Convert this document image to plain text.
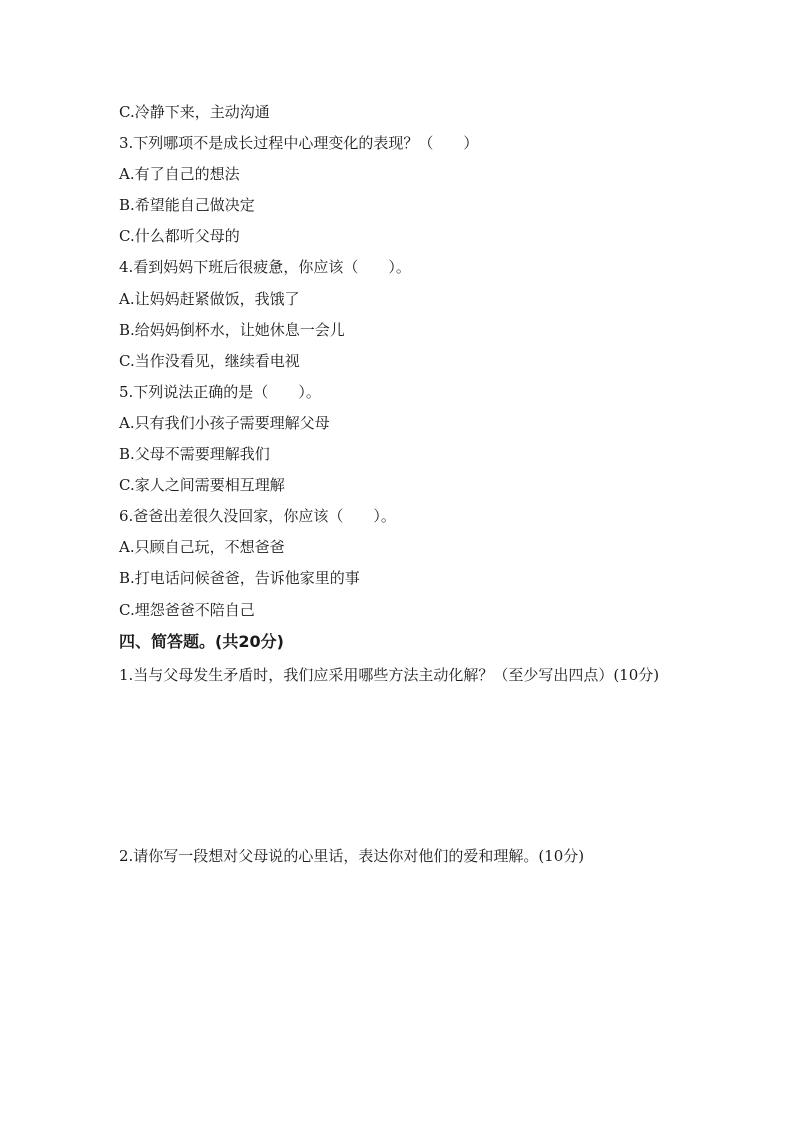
C.冷静下来，主动沟通
3.下列哪项不是成长过程中心理变化的表现？（　　）
A.有了自己的想法
B.希望能自己做决定
C.什么都听父母的
4.看到妈妈下班后很疲惫，你应该（　　）。
A.让妈妈赶紧做饭，我饿了
B.给妈妈倒杯水，让她休息一会儿
C.当作没看见，继续看电视
5.下列说法正确的是（　　）。
A.只有我们小孩子需要理解父母
B.父母不需要理解我们
C.家人之间需要相互理解
6.爸爸出差很久没回家，你应该（　　）。
A.只顾自己玩，不想爸爸
B.打电话问候爸爸，告诉他家里的事
C.埋怨爸爸不陪自己
四、简答题。(共20分)
1.当与父母发生矛盾时，我们应采用哪些方法主动化解？（至少写出四点）(10分)
2.请你写一段想对父母说的心里话，表达你对他们的爱和理解。(10分)
